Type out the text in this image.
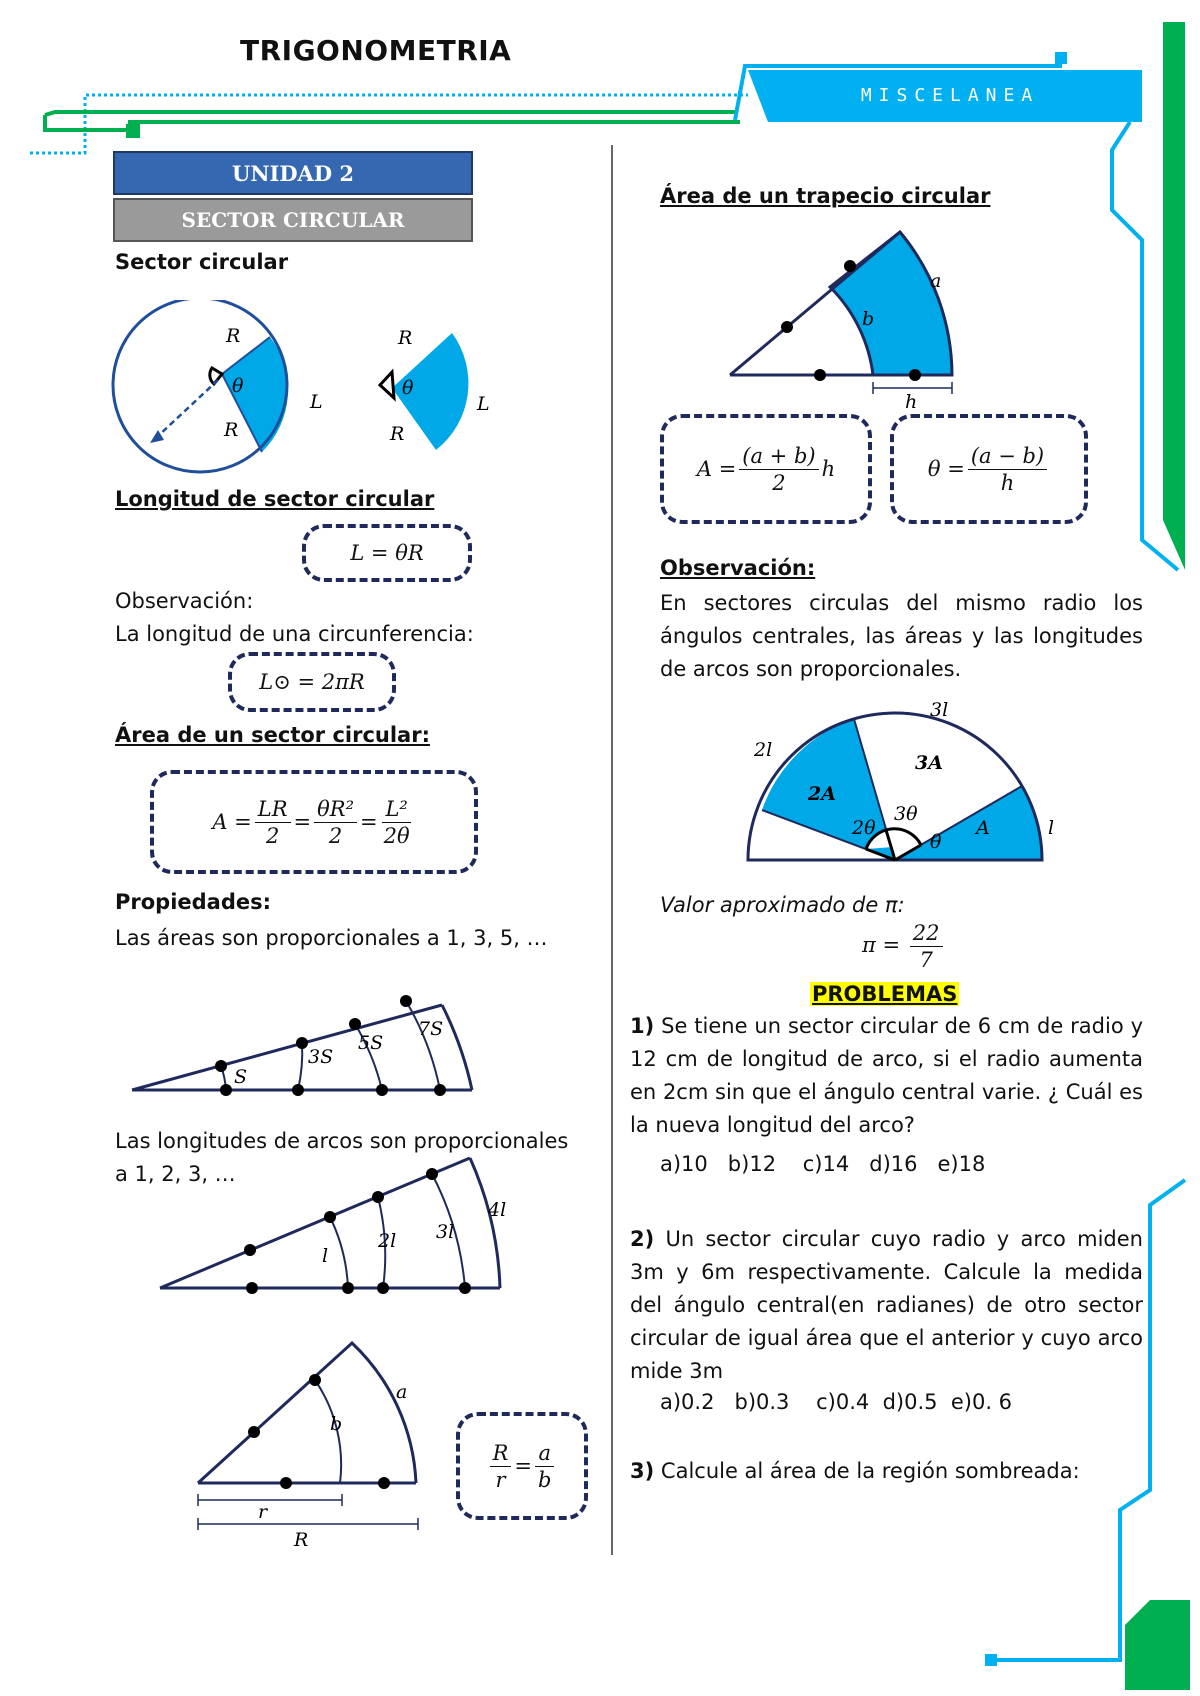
TRIGONOMETRIA
MISCELANEA
UNIDAD 2
SECTOR CIRCULAR
Sector circular
R
R
θ
L
R
R
θ
L
Longitud de sector circular
L = θR
Observación:
La longitud de una circunferencia:
L⊙ = 2πR
Área de un sector circular:
$A = \frac{LR}{2} = \frac{\text{θR²}}{2} = \frac{\text{L²}}{2\theta}$
Propiedades:
Las áreas son proporcionales a 1, 3, 5, …
S
3S
5S
7S
Las longitudes de arcos son proporcionales
a 1, 2, 3, …
l
2l 3l
4l
a
b
r
R
$\frac{R}{r} = \frac{a}{b}$
Área de un trapecio circular
a
b
h
$A = \frac{(a + b)}{2}$ h	$\theta = \frac{(a - b)}{h}$
Observación:
En sectores circulas del mismo radio los ángulos centrales, las áreas y las longitudes de arcos son proporcionales.
3l
2l
l
3A
2A
A
3θ
2θ
θ
Valor aproximado de π:
$\pi = \frac{22}{7}$
PROBLEMAS
1) Se tiene un sector circular de 6 cm de radio y 12 cm de longitud de arco, si el radio aumenta en 2cm sin que el ángulo central varie. ¿ Cuál es la nueva longitud del arco?
a)10   b)12    c)14   d)16   e)18
2) Un sector circular cuyo radio y arco miden 3m y 6m respectivamente. Calcule la medida del ángulo central(en radianes) de otro sector circular de igual área que el anterior y cuyo arco mide 3m
a)0.2   b)0.3    c)0.4  d)0.5  e)0. 6
3) Calcule al área de la región sombreada:
